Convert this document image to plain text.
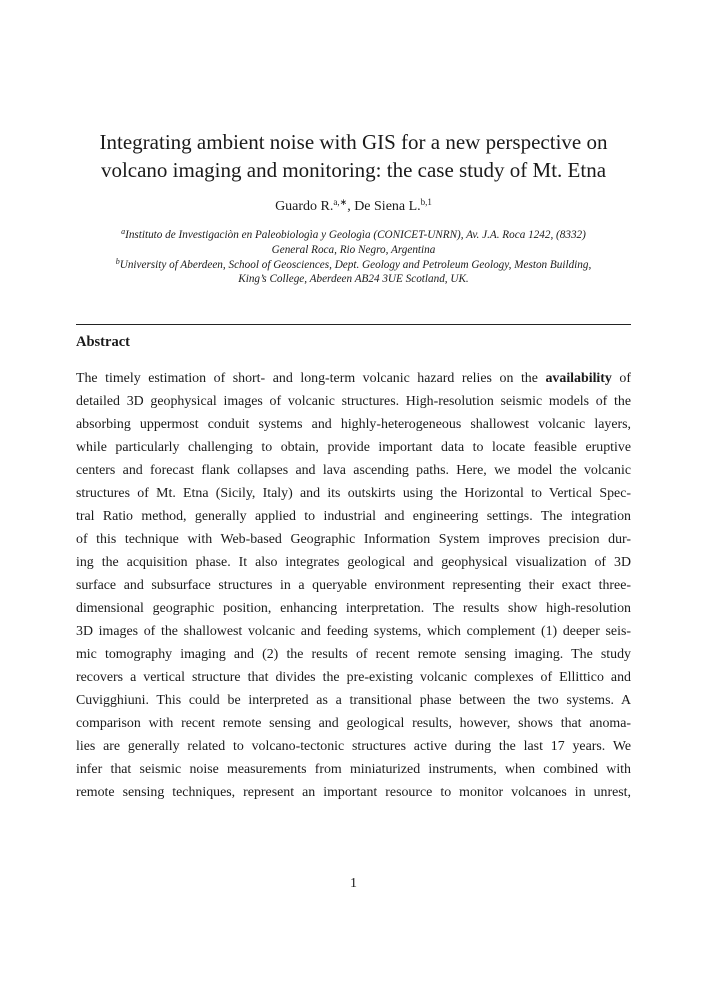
Integrating ambient noise with GIS for a new perspective on
volcano imaging and monitoring: the case study of Mt. Etna
Guardo R.$^{a,∗}$, De Siena L.$^{b,1}$
$^a$Instituto de Investigaciòn en Paleobiologìa y Geologìa (CONICET-UNRN), Av. J.A. Roca 1242, (8332)
General Roca, Rio Negro, Argentina
$^b$University of Aberdeen, School of Geosciences, Dept. Geology and Petroleum Geology, Meston Building,
King’s College, Aberdeen AB24 3UE Scotland, UK.
Abstract
The timely estimation of short- and long-term volcanic hazard relies on the availability of
detailed 3D geophysical images of volcanic structures. High-resolution seismic models of the
absorbing uppermost conduit systems and highly-heterogeneous shallowest volcanic layers,
while particularly challenging to obtain, provide important data to locate feasible eruptive
centers and forecast flank collapses and lava ascending paths. Here, we model the volcanic
structures of Mt. Etna (Sicily, Italy) and its outskirts using the Horizontal to Vertical Spec-
tral Ratio method, generally applied to industrial and engineering settings. The integration
of this technique with Web-based Geographic Information System improves precision dur-
ing the acquisition phase. It also integrates geological and geophysical visualization of 3D
surface and subsurface structures in a queryable environment representing their exact three-
dimensional geographic position, enhancing interpretation. The results show high-resolution
3D images of the shallowest volcanic and feeding systems, which complement (1) deeper seis-
mic tomography imaging and (2) the results of recent remote sensing imaging. The study
recovers a vertical structure that divides the pre-existing volcanic complexes of Ellittico and
Cuvigghiuni. This could be interpreted as a transitional phase between the two systems. A
comparison with recent remote sensing and geological results, however, shows that anoma-
lies are generally related to volcano-tectonic structures active during the last 17 years. We
infer that seismic noise measurements from miniaturized instruments, when combined with
remote sensing techniques, represent an important resource to monitor volcanoes in unrest,
1
